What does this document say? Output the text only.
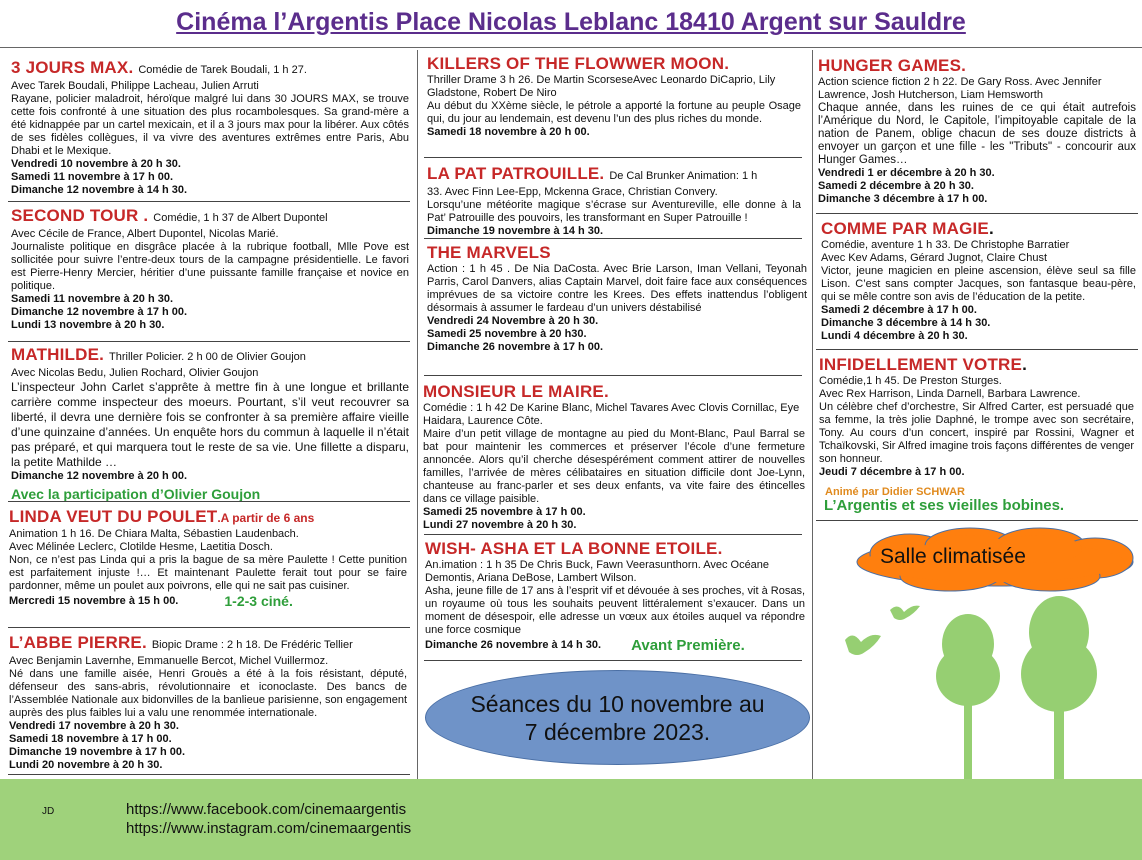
Cinéma l’Argentis Place Nicolas Leblanc 18410 Argent sur Sauldre
3 JOURS MAX. Comédie de Tarek Boudali, 1 h 27.
Avec Tarek Boudali, Philippe Lacheau, Julien Arruti
Rayane, policier maladroit, héroïque malgré lui dans 30 JOURS MAX, se trouve cette fois confronté à une situation des plus rocambolesques. Sa grand-mère a été kidnappée par un cartel mexicain, et il a 3 jours max pour la libérer. Aux côtés de ses fidèles collègues, il va vivre des aventures extrêmes entre Paris, Abu Dhabi et le Mexique.
Vendredi 10 novembre à 20 h 30.
Samedi 11 novembre à 17 h 00.
Dimanche 12 novembre à 14 h 30.
SECOND TOUR . Comédie, 1 h 37 de Albert Dupontel
Avec Cécile de France, Albert Dupontel, Nicolas Marié.
Journaliste politique en disgrâce placée à la rubrique football, Mlle Pove est sollicitée pour suivre l’entre-deux tours de la campagne présidentielle. Le favori est Pierre-Henry Mercier, héritier d’une puissante famille française et novice en politique.
Samedi 11 novembre à 20 h 30.
Dimanche 12 novembre à 17 h 00.
Lundi 13 novembre à 20 h 30.
MATHILDE. Thriller Policier. 2 h 00 de Olivier Goujon
Avec Nicolas Bedu, Julien Rochard, Olivier Goujon
L’inspecteur John Carlet s’apprête à mettre fin à une longue et brillante carrière comme inspecteur des moeurs. Pourtant, s’il veut recouvrer sa liberté, il devra une dernière fois se confronter à sa première affaire vieille d’une quinzaine d’années. Un enquête hors du commun à laquelle il n’était pas préparé, et qui marquera tout le reste de sa vie. Une fillette a disparu, la petite Mathilde …
Dimanche 12 novembre à 20 h 00.
Avec la participation d’Olivier Goujon
LINDA VEUT DU POULET.A partir de 6 ans
Animation 1 h 16. De Chiara Malta, Sébastien Laudenbach.
Avec Mélinée Leclerc, Clotilde Hesme, Laetitia Dosch.
Non, ce n’est pas Linda qui a pris la bague de sa mère Paulette ! Cette punition est parfaitement injuste !… Et maintenant Paulette ferait tout pour se faire pardonner, même un poulet aux poivrons, elle qui ne sait pas cuisiner.
Mercredi 15 novembre à 15 h 00.	1-2-3 ciné.
L’ABBE PIERRE. Biopic Drame : 2 h 18. De Frédéric Tellier
Avec Benjamin Lavernhe, Emmanuelle Bercot, Michel Vuillermoz.
Né dans une famille aisée, Henri Grouès a été à la fois résistant, député, défenseur des sans-abris, révolutionnaire et iconoclaste. Des bancs de l’Assemblée Nationale aux bidonvilles de la banlieue parisienne, son engagement auprès des plus faibles lui a valu une renommée internationale.
Vendredi 17 novembre à 20 h 30.
Samedi 18 novembre à 17 h 00.
Dimanche 19 novembre à 17 h 00.
Lundi 20 novembre à 20 h 30.
KILLERS OF THE FLOWWER MOON.
Thriller Drame 3 h 26. De Martin ScorseseAvec Leonardo DiCaprio, Lily Gladstone, Robert De Niro
Au début du XXème siècle, le pétrole a apporté la fortune au peuple Osage qui, du jour au lendemain, est devenu l’un des plus riches du monde.
Samedi 18 novembre à 20 h 00.
LA PAT PATROUILLE. De Cal Brunker Animation: 1 h
33. Avec Finn Lee-Epp, Mckenna Grace, Christian Convery.
Lorsqu’une météorite magique s’écrase sur Aventureville, elle donne à la Pat’ Patrouille des pouvoirs, les transformant en Super Patrouille !
Dimanche 19 novembre à 14 h 30.
THE MARVELS
Action : 1 h 45 . De Nia DaCosta. Avec Brie Larson, Iman Vellani, Teyonah Parris, Carol Danvers, alias Captain Marvel, doit faire face aux conséquences imprévues de sa victoire contre les Krees. Des effets inattendus l’obligent désormais à assumer le fardeau d’un univers déstabilisé
Vendredi 24 Novembre à 20 h 30.
Samedi 25 novembre à 20 h30.
Dimanche 26 novembre à 17 h 00.
MONSIEUR LE MAIRE.
Comédie : 1 h 42 De Karine Blanc, Michel Tavares Avec Clovis Cornillac, Eye Haidara, Laurence Côte.
Maire d’un petit village de montagne au pied du Mont-Blanc, Paul Barral se bat pour maintenir les commerces et préserver l’école d’une fermeture annoncée. Alors qu’il cherche désespérément comment attirer de nouvelles familles, l’arrivée de mères célibataires en situation difficile dont Joe-Lynn, chanteuse au franc-parler et ses deux enfants, va vite faire des étincelles dans ce village paisible.
Samedi 25 novembre à 17 h 00.
Lundi 27 novembre à 20 h 30.
WISH- ASHA ET LA BONNE ETOILE.
An.imation : 1 h 35 De Chris Buck, Fawn Veerasunthorn. Avec Océane Demontis, Ariana DeBose, Lambert Wilson.
Asha, jeune fille de 17 ans à l’esprit vif et dévouée à ses proches, vit à Rosas, un royaume où tous les souhaits peuvent littéralement s’exaucer. Dans un moment de désespoir, elle adresse un vœux aux étoiles auquel va répondre une force cosmique
Dimanche 26 novembre à 14 h 30. Avant Première.
Séances du 10 novembre au 7 décembre 2023.
HUNGER GAMES.
Action science fiction 2 h 22. De Gary Ross. Avec Jennifer Lawrence, Josh Hutcherson, Liam Hemsworth
Chaque année, dans les ruines de ce qui était autrefois l’Amérique du Nord, le Capitole, l’impitoyable capitale de la nation de Panem, oblige chacun de ses douze districts à envoyer un garçon et une fille - les "Tributs" - concourir aux Hunger Games…
Vendredi 1 er décembre à 20 h 30.
Samedi 2 décembre à 20 h 30.
Dimanche 3 décembre à 17 h 00.
COMME PAR MAGIE.
Comédie, aventure 1 h 33. De Christophe Barratier
Avec Kev Adams, Gérard Jugnot, Claire Chust
Victor, jeune magicien en pleine ascension, élève seul sa fille Lison. C’est sans compter Jacques, son fantasque beau-père, qui se mêle contre son avis de l’éducation de la petite.
Samedi 2 décembre à 17 h 00.
Dimanche 3 décembre à 14 h 30.
Lundi 4 décembre à 20 h 30.
INFIDELLEMENT VOTRE.
Comédie,1 h 45. De Preston Sturges.
Avec Rex Harrison, Linda Darnell, Barbara Lawrence.
Un célèbre chef d’orchestre, Sir Alfred Carter, est persuadé que sa femme, la très jolie Daphné, le trompe avec son secrétaire, Tony. Au cours d’un concert, inspiré par Rossini, Wagner et Tchaïkovski, Sir Alfred imagine trois façons différentes de venger son honneur.
Jeudi 7 décembre à 17 h 00.
Animé par Didier SCHWAR
L’Argentis et ses vieilles bobines.
Salle climatisée
JD	https://www.facebook.com/cinemaargentis
https://www.instagram.com/cinemaargentis
